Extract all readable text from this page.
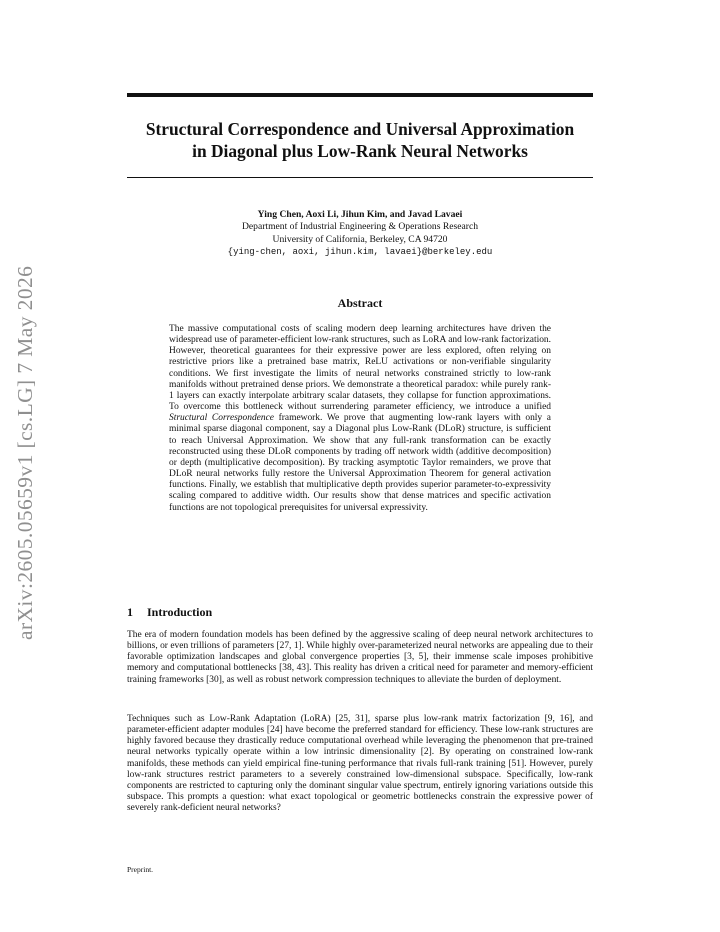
arXiv:2605.05659v1 [cs.LG] 7 May 2026
Structural Correspondence and Universal Approximation
in Diagonal plus Low-Rank Neural Networks
Ying Chen, Aoxi Li, Jihun Kim, and Javad Lavaei
Department of Industrial Engineering & Operations Research
University of California, Berkeley, CA 94720
{ying-chen, aoxi, jihun.kim, lavaei}@berkeley.edu
Abstract
The massive computational costs of scaling modern deep learning architectures have driven the widespread use of parameter-efficient low-rank structures, such as LoRA and low-rank factorization. However, theoretical guarantees for their expressive power are less explored, often relying on restrictive priors like a pretrained base matrix, ReLU activations or non-verifiable singularity conditions. We first investigate the limits of neural networks constrained strictly to low-rank manifolds without pretrained dense priors. We demonstrate a theoretical paradox: while purely rank-1 layers can exactly interpolate arbitrary scalar datasets, they collapse for function approximations. To overcome this bottleneck without surrendering parameter efficiency, we introduce a unified Structural Correspondence framework. We prove that augmenting low-rank layers with only a minimal sparse diagonal component, say a Diagonal plus Low-Rank (DLoR) structure, is sufficient to reach Universal Approximation. We show that any full-rank transformation can be exactly reconstructed using these DLoR components by trading off network width (additive decomposition) or depth (multiplicative decomposition). By tracking asymptotic Taylor remainders, we prove that DLoR neural networks fully restore the Universal Approximation Theorem for general activation functions. Finally, we establish that multiplicative depth provides superior parameter-to-expressivity scaling compared to additive width. Our results show that dense matrices and specific activation functions are not topological prerequisites for universal expressivity.
1 Introduction
The era of modern foundation models has been defined by the aggressive scaling of deep neural network architectures to billions, or even trillions of parameters [27, 1]. While highly over-parameterized neural networks are appealing due to their favorable optimization landscapes and global convergence properties [3, 5], their immense scale imposes prohibitive memory and computational bottlenecks [38, 43]. This reality has driven a critical need for parameter and memory-efficient training frameworks [30], as well as robust network compression techniques to alleviate the burden of deployment.
Techniques such as Low-Rank Adaptation (LoRA) [25, 31], sparse plus low-rank matrix factorization [9, 16], and parameter-efficient adapter modules [24] have become the preferred standard for efficiency. These low-rank structures are highly favored because they drastically reduce computational overhead while leveraging the phenomenon that pre-trained neural networks typically operate within a low intrinsic dimensionality [2]. By operating on constrained low-rank manifolds, these methods can yield empirical fine-tuning performance that rivals full-rank training [51]. However, purely low-rank structures restrict parameters to a severely constrained low-dimensional subspace. Specifically, low-rank components are restricted to capturing only the dominant singular value spectrum, entirely ignoring variations outside this subspace. This prompts a question: what exact topological or geometric bottlenecks constrain the expressive power of severely rank-deficient neural networks?
Preprint.
